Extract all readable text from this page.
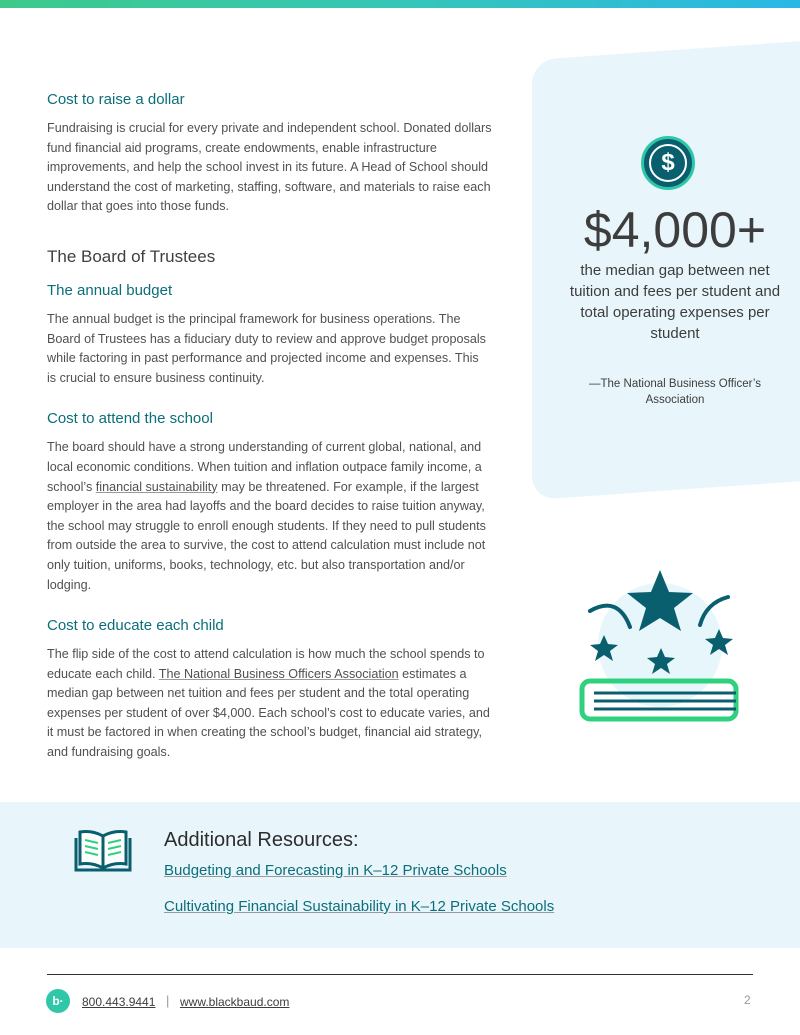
Cost to raise a dollar

Fundraising is crucial for every private and independent school. Donated dollars fund financial aid programs, create endowments, enable infrastructure improvements, and help the school invest in its future. A Head of School should understand the cost of marketing, staffing, software, and materials to raise each dollar that goes into those funds.

The Board of Trustees
The annual budget

The annual budget is the principal framework for business operations. The Board of Trustees has a fiduciary duty to review and approve budget proposals while factoring in past performance and projected income and expenses. This is crucial to ensure business continuity.

Cost to attend the school

The board should have a strong understanding of current global, national, and local economic conditions. When tuition and inflation outpace family income, a school’s financial sustainability may be threatened. For example, if the largest employer in the area had layoffs and the board decides to raise tuition anyway, the school may struggle to enroll enough students. If they need to pull students from outside the area to survive, the cost to attend calculation must include not only tuition, uniforms, books, technology, etc. but also transportation and/or lodging.

Cost to educate each child

The flip side of the cost to attend calculation is how much the school spends to educate each child. The National Business Officers Association estimates a median gap between net tuition and fees per student and the total operating expenses per student of over $4,000. Each school’s cost to educate varies, and it must be factored in when creating the school’s budget, financial aid strategy, and fundraising goals.

$
$4,000+
the median gap between net tuition and fees per student and total operating expenses per student
—The National Business Officer’s Association
Additional Resources:
Budgeting and Forecasting in K–12 Private Schools
Cultivating Financial Sustainability in K–12 Private Schools
b·	800.443.9441 | www.blackbaud.com	2
